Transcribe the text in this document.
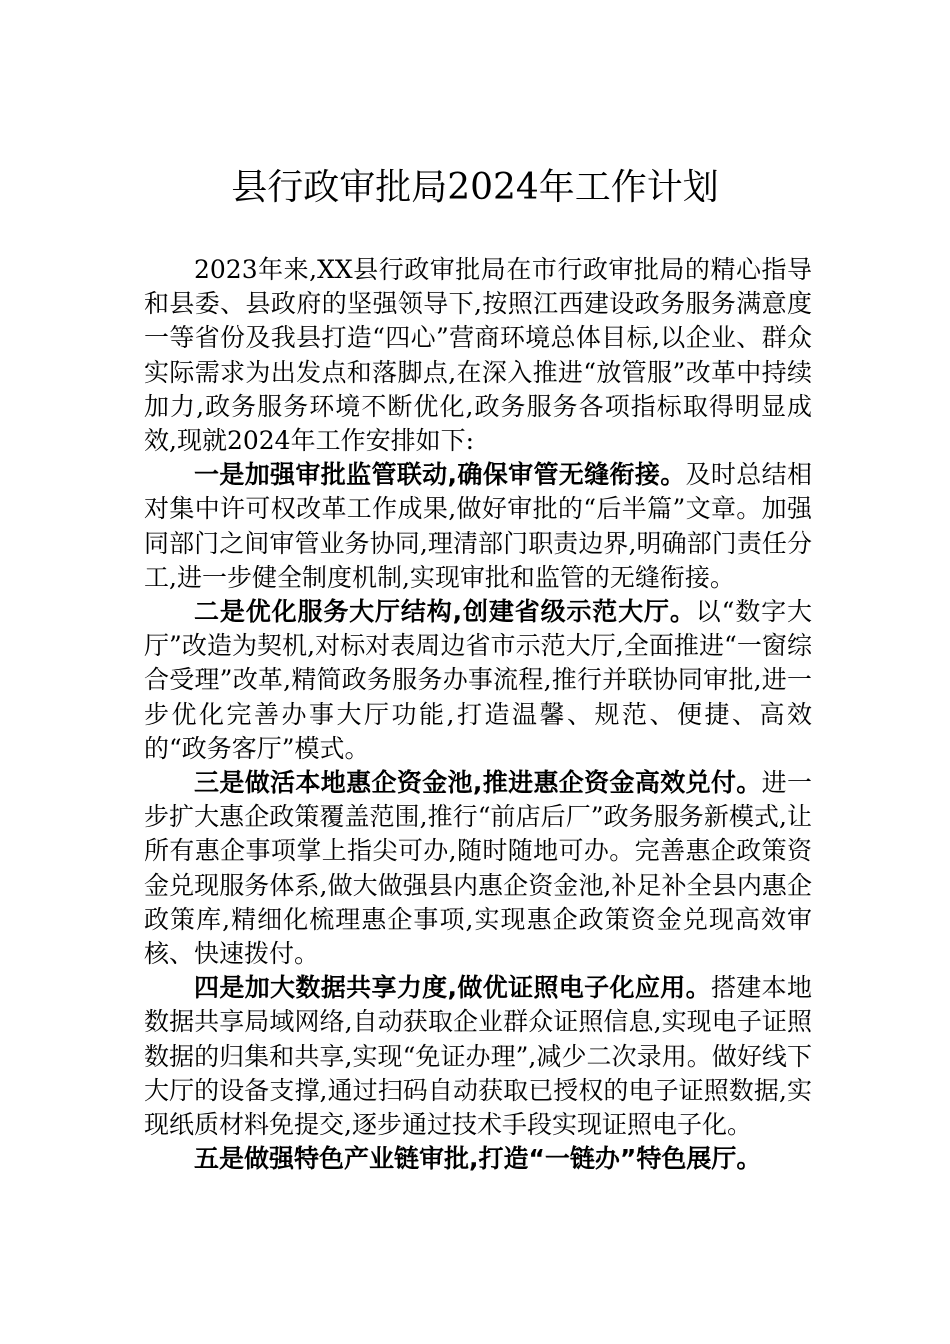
县行政审批局2024年工作计划

2023年来,XX县行政审批局在市行政审批局的精心指导和县委、县政府的坚强领导下,按照江西建设政务服务满意度一等省份及我县打造“四心”营商环境总体目标,以企业、群众实际需求为出发点和落脚点,在深入推进“放管服”改革中持续加力,政务服务环境不断优化,政务服务各项指标取得明显成效,现就2024年工作安排如下:

一是加强审批监管联动,确保审管无缝衔接。及时总结相对集中许可权改革工作成果,做好审批的“后半篇”文章。加强同部门之间审管业务协同,理清部门职责边界,明确部门责任分工,进一步健全制度机制,实现审批和监管的无缝衔接。

二是优化服务大厅结构,创建省级示范大厅。以“数字大厅”改造为契机,对标对表周边省市示范大厅,全面推进“一窗综合受理”改革,精简政务服务办事流程,推行并联协同审批,进一步优化完善办事大厅功能,打造温馨、规范、便捷、高效的“政务客厅”模式。

三是做活本地惠企资金池,推进惠企资金高效兑付。进一步扩大惠企政策覆盖范围,推行“前店后厂”政务服务新模式,让所有惠企事项掌上指尖可办,随时随地可办。完善惠企政策资金兑现服务体系,做大做强县内惠企资金池,补足补全县内惠企政策库,精细化梳理惠企事项,实现惠企政策资金兑现高效审核、快速拨付。

四是加大数据共享力度,做优证照电子化应用。搭建本地数据共享局域网络,自动获取企业群众证照信息,实现电子证照数据的归集和共享,实现“免证办理”,减少二次录用。做好线下大厅的设备支撑,通过扫码自动获取已授权的电子证照数据,实现纸质材料免提交,逐步通过技术手段实现证照电子化。

五是做强特色产业链审批,打造“一链办”特色展厅。
